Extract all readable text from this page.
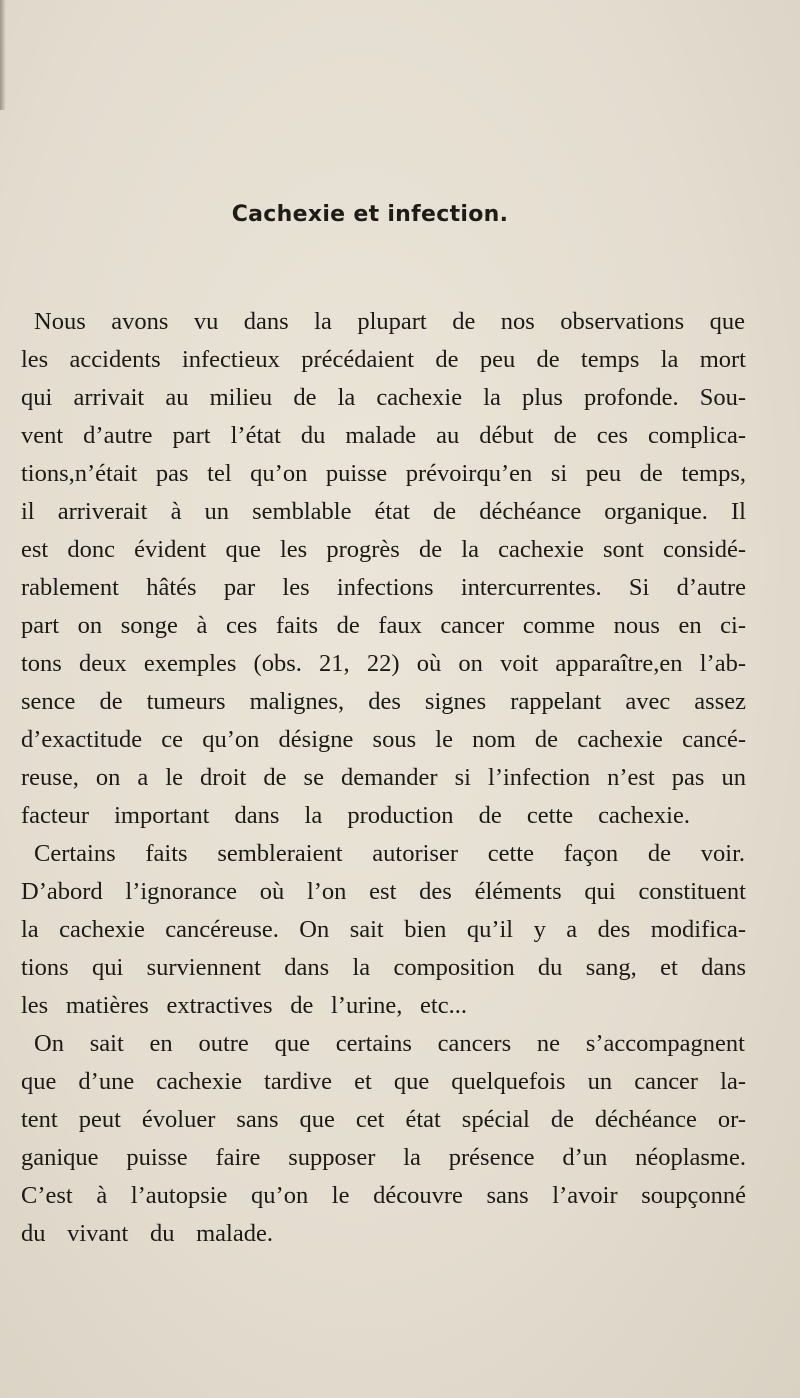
Cachexie et infection.
Nous avons vu dans la plupart de nos observations que
les accidents infectieux précédaient de peu de temps la mort
qui arrivait au milieu de la cachexie la plus profonde. Sou-
vent d’autre part l’état du malade au début de ces complica-
tions,n’était pas tel qu’on puisse prévoirqu’en si peu de temps,
il arriverait à un semblable état de déchéance organique. Il
est donc évident que les progrès de la cachexie sont considé-
rablement hâtés par les infections intercurrentes. Si d’autre
part on songe à ces faits de faux cancer comme nous en ci-
tons deux exemples (obs. 21, 22) où on voit apparaître,en l’ab-
sence de tumeurs malignes, des signes rappelant avec assez
d’exactitude ce qu’on désigne sous le nom de cachexie cancé-
reuse, on a le droit de se demander si l’infection n’est pas un
facteur important dans la production de cette cachexie.
Certains faits sembleraient autoriser cette façon de voir.
D’abord l’ignorance où l’on est des éléments qui constituent
la cachexie cancéreuse. On sait bien qu’il y a des modifica-
tions qui surviennent dans la composition du sang, et dans
les matières extractives de l’urine, etc...
On sait en outre que certains cancers ne s’accompagnent
que d’une cachexie tardive et que quelquefois un cancer la-
tent peut évoluer sans que cet état spécial de déchéance or-
ganique puisse faire supposer la présence d’un néoplasme.
C’est à l’autopsie qu’on le découvre sans l’avoir soupçonné
du vivant du malade.
